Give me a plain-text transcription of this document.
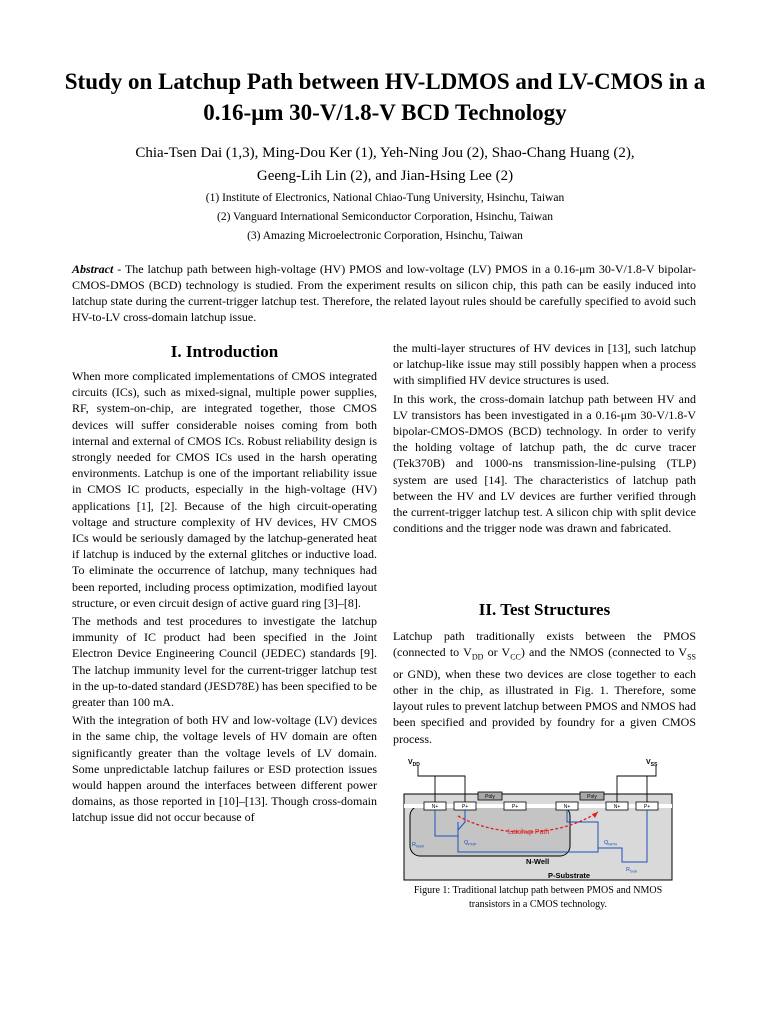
Study on Latchup Path between HV-LDMOS and LV-CMOS in a 0.16-μm 30-V/1.8-V BCD Technology
Chia-Tsen Dai (1,3), Ming-Dou Ker (1), Yeh-Ning Jou (2), Shao-Chang Huang (2),
Geeng-Lih Lin (2), and Jian-Hsing Lee (2)
(1) Institute of Electronics, National Chiao-Tung University, Hsinchu, Taiwan
(2) Vanguard International Semiconductor Corporation, Hsinchu, Taiwan
(3) Amazing Microelectronic Corporation, Hsinchu, Taiwan
Abstract - The latchup path between high-voltage (HV) PMOS and low-voltage (LV) PMOS in a 0.16-μm 30-V/1.8-V bipolar-CMOS-DMOS (BCD) technology is studied. From the experiment results on silicon chip, this path can be easily induced into latchup state during the current-trigger latchup test. Therefore, the related layout rules should be carefully specified to avoid such HV-to-LV cross-domain latchup issue.
I. Introduction

When more complicated implementations of CMOS integrated circuits (ICs), such as mixed-signal, multiple power supplies, RF, system-on-chip, are integrated together, those CMOS devices will suffer considerable noises coming from both internal and external of CMOS ICs. Robust reliability design is strongly needed for CMOS ICs used in the harsh operating environments. Latchup is one of the important reliability issue in CMOS IC products, especially in the high-voltage (HV) applications [1], [2]. Because of the high circuit-operating voltage and structure complexity of HV devices, HV CMOS ICs would be seriously damaged by the latchup-generated heat if latchup is induced by the external glitches or inductive load. To eliminate the occurrence of latchup, many techniques had been reported, including process optimization, modified layout structure, or even circuit design of active guard ring [3]–[8].

The methods and test procedures to investigate the latchup immunity of IC product had been specified in the Joint Electron Device Engineering Council (JEDEC) standards [9]. The latchup immunity level for the current-trigger latchup test in the up-to-dated standard (JESD78E) has been specified to be greater than 100 mA.

With the integration of both HV and low-voltage (LV) devices in the same chip, the voltage levels of HV domain are often significantly greater than the voltage levels of LV domain. Some unpredictable latchup failures or ESD protection issues would happen around the interfaces between different power domains, as those reported in [10]–[13]. Though cross-domain latchup issue did not occur because of

the multi-layer structures of HV devices in [13], such latchup or latchup-like issue may still possibly happen when a process with simplified HV device structures is used.

In this work, the cross-domain latchup path between HV and LV transistors has been investigated in a 0.16-μm 30-V/1.8-V bipolar-CMOS-DMOS (BCD) technology. In order to verify the holding voltage of latchup path, the dc curve tracer (Tek370B) and 1000-ns transmission-line-pulsing (TLP) system are used [14]. The characteristics of latchup path between the HV and LV devices are further verified through the current-trigger latchup test. A silicon chip with split device conditions and the trigger node was drawn and fabricated.

II. Test Structures
Latchup path traditionally exists between the PMOS (connected to $V_{DD}$ or $V_{CC}$) and the NMOS (connected to $V_{SS}$ or GND), when these two devices are close together to each other in the chip, as illustrated in Fig. 1. Therefore, some layout rules to prevent latchup between PMOS and NMOS had been specified and provided by foundry for a given CMOS process.
N+	P+	P+	N+	N+	P+
Poly	Poly
$V_{DD}$	$V_{SS}$
Latchup Path
$R_{Well}$	$Q_{PNP}$	$Q_{NPN}$
$R_{Sub}$
N-Well
P-Substrate
Figure 1: Traditional latchup path between PMOS and NMOS transistors in a CMOS technology.
